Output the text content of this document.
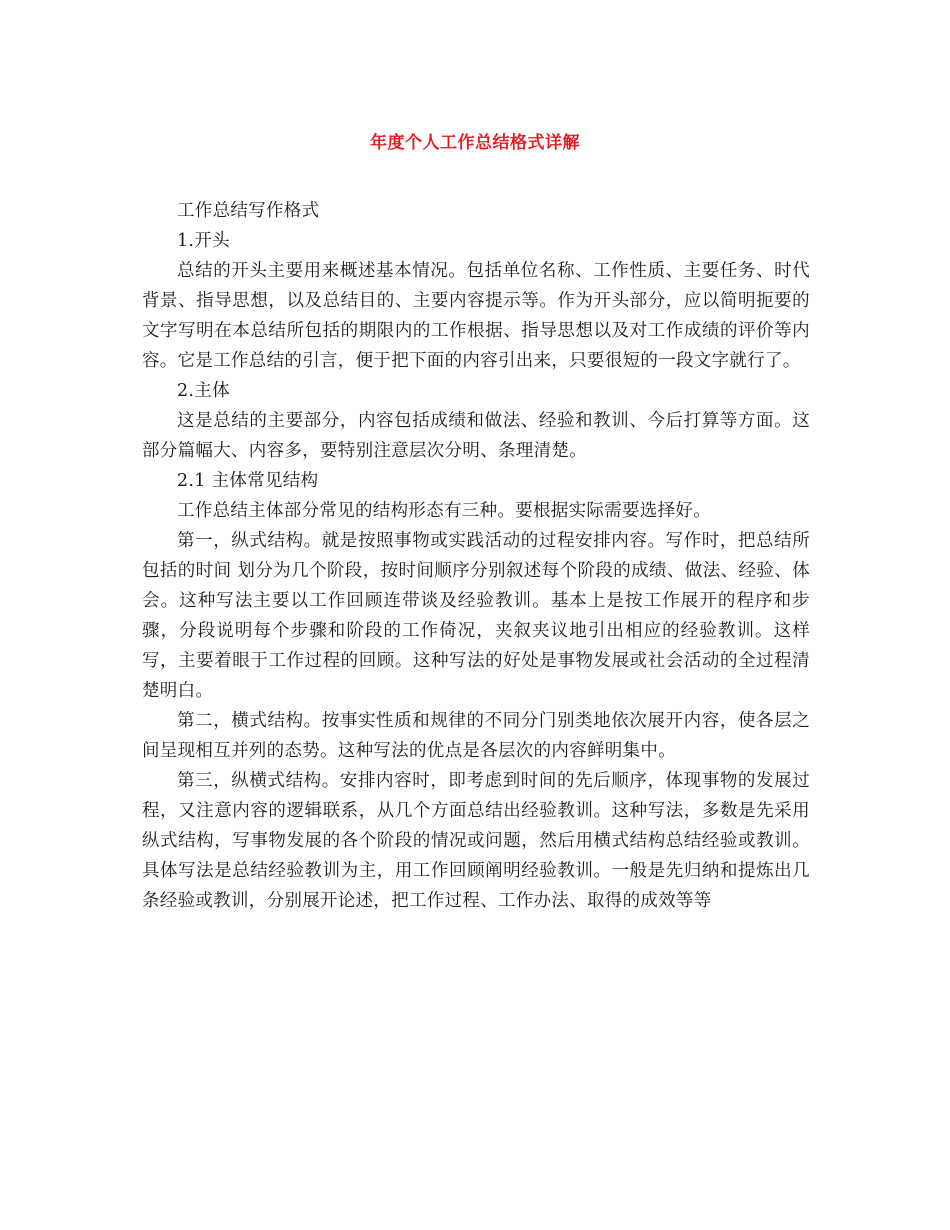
年度个人工作总结格式详解

工作总结写作格式

1.开头

总结的开头主要用来概述基本情况。包括单位名称、工作性质、主要任务、时代背景、指导思想，以及总结目的、主要内容提示等。作为开头部分，应以简明扼要的文字写明在本总结所包括的期限内的工作根据、指导思想以及对工作成绩的评价等内容。它是工作总结的引言，便于把下面的内容引出来，只要很短的一段文字就行了。

2.主体

这是总结的主要部分，内容包括成绩和做法、经验和教训、今后打算等方面。这部分篇幅大、内容多，要特别注意层次分明、条理清楚。

2.1 主体常见结构

工作总结主体部分常见的结构形态有三种。要根据实际需要选择好。

第一，纵式结构。就是按照事物或实践活动的过程安排内容。写作时，把总结所包括的时间 划分为几个阶段，按时间顺序分别叙述每个阶段的成绩、做法、经验、体会。这种写法主要以工作回顾连带谈及经验教训。基本上是按工作展开的程序和步骤，分段说明每个步骤和阶段的工作倚况，夹叙夹议地引出相应的经验教训。这样写，主要着眼于工作过程的回顾。这种写法的好处是事物发展或社会活动的全过程清楚明白。

第二，横式结构。按事实性质和规律的不同分门别类地依次展开内容，使各层之间呈现相互并列的态势。这种写法的优点是各层次的内容鲜明集中。

第三，纵横式结构。安排内容时，即考虑到时间的先后顺序，体现事物的发展过程，又注意内容的逻辑联系，从几个方面总结出经验教训。这种写法，多数是先采用纵式结构，写事物发展的各个阶段的情况或问题，然后用横式结构总结经验或教训。具体写法是总结经验教训为主，用工作回顾阐明经验教训。一般是先归纳和提炼出几条经验或教训，分别展开论述，把工作过程、工作办法、取得的成效等等
